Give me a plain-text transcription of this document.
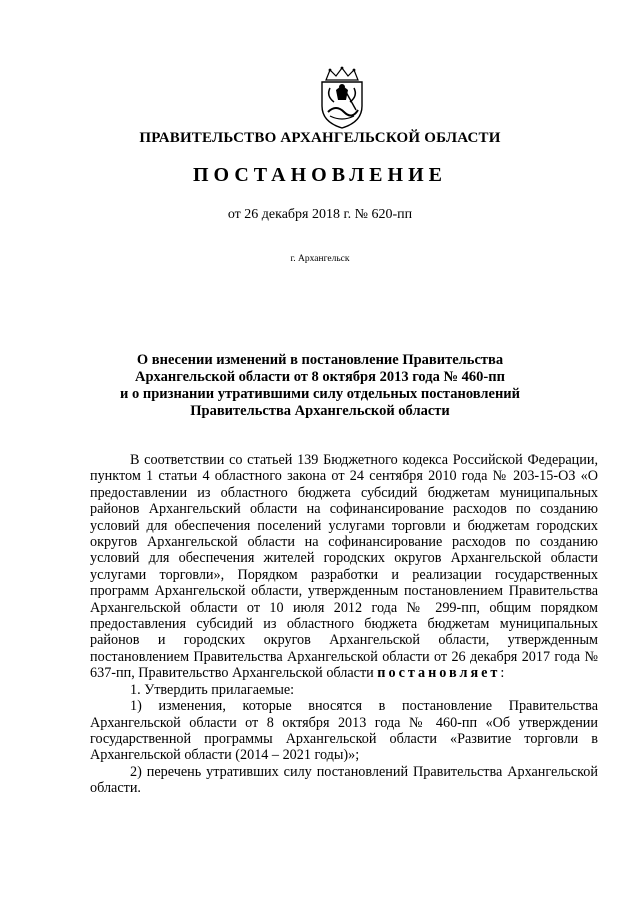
ПРАВИТЕЛЬСТВО АРХАНГЕЛЬСКОЙ ОБЛАСТИ
ПОСТАНОВЛЕНИЕ
от 26 декабря 2018 г. № 620-пп
г. Архангельск
О внесении изменений в постановление Правительства
Архангельской области от 8 октября 2013 года № 460-пп
и о признании утратившими силу отдельных постановлений
Правительства Архангельской области

В соответствии со статьей 139 Бюджетного кодекса Российской Федерации, пунктом 1 статьи 4 областного закона от 24 сентября 2010 года № 203-15-ОЗ «О предоставлении из областного бюджета субсидий бюджетам муниципальных районов Архангельский области на софинансирование расходов по созданию условий для обеспечения поселений услугами торговли и бюджетам городских округов Архангельской области на софинансирование расходов по созданию условий для обеспечения жителей городских округов Архангельской области услугами торговли», Порядком разработки и реализации государственных программ Архангельской области, утвержденным постановлением Правительства Архангельской области от 10 июля 2012 года № 299-пп, общим порядком предоставления субсидий из областного бюджета бюджетам муниципальных районов и городских округов Архангельской области, утвержденным постановлением Правительства Архангельской области от 26 декабря 2017 года № 637-пп, Правительство Архангельской области постановляет:

1. Утвердить прилагаемые:

1) изменения, которые вносятся в постановление Правительства Архангельской области от 8 октября 2013 года № 460-пп «Об утверждении государственной программы Архангельской области «Развитие торговли в Архангельской области (2014 – 2021 годы)»;

2) перечень утративших силу постановлений Правительства Архангельской области.
